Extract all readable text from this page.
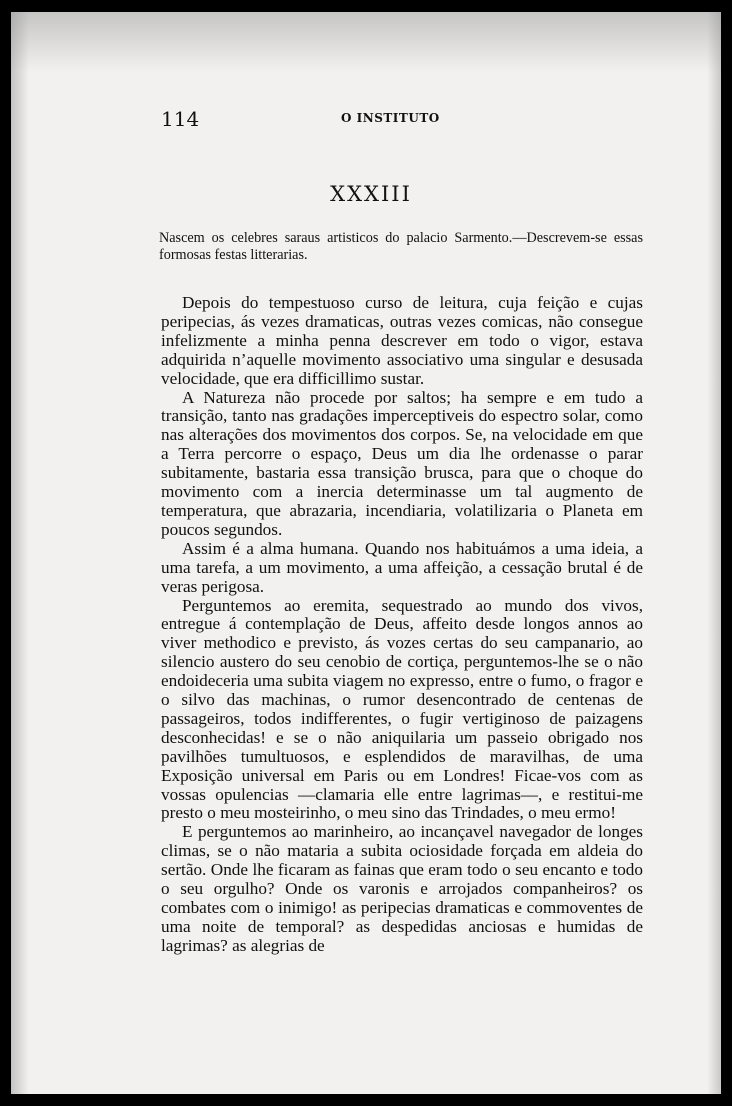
114	O INSTITUTO
XXXIII
Nascem os celebres saraus artisticos do palacio Sarmento.—Descrevem-se essas formosas festas litterarias.

Depois do tempestuoso curso de leitura, cuja feição e cujas peripecias, ás vezes dramaticas, outras vezes comicas, não consegue infelizmente a minha penna descrever em todo o vigor, estava adquirida n’aquelle movimento associativo uma singular e desusada velocidade, que era difficillimo sustar.

A Natureza não procede por saltos; ha sempre e em tudo a transição, tanto nas gradações imperceptiveis do espectro solar, como nas alterações dos movimentos dos corpos. Se, na velocidade em que a Terra percorre o espaço, Deus um dia lhe ordenasse o parar subitamente, bastaria essa transição brusca, para que o choque do movimento com a inercia determinasse um tal augmento de temperatura, que abrazaria, incendiaria, volatilizaria o Planeta em poucos segundos.

Assim é a alma humana. Quando nos habituámos a uma ideia, a uma tarefa, a um movimento, a uma affeição, a cessação brutal é de veras perigosa.

Perguntemos ao eremita, sequestrado ao mundo dos vivos, entregue á contemplação de Deus, affeito desde longos annos ao viver methodico e previsto, ás vozes certas do seu campanario, ao silencio austero do seu cenobio de cortiça, perguntemos-lhe se o não endoideceria uma subita viagem no expresso, entre o fumo, o fragor e o silvo das machinas, o rumor desencontrado de centenas de passageiros, todos indifferentes, o fugir vertiginoso de paizagens desconhecidas! e se o não aniquilaria um passeio obrigado nos pavilhões tumultuosos, e esplendidos de maravilhas, de uma Exposição universal em Paris ou em Londres! Ficae-vos com as vossas opulencias —clamaria elle entre lagrimas—, e restitui-me presto o meu mosteirinho, o meu sino das Trindades, o meu ermo!

E perguntemos ao marinheiro, ao incançavel navegador de longes climas, se o não mataria a subita ociosidade forçada em aldeia do sertão. Onde lhe ficaram as fainas que eram todo o seu encanto e todo o seu orgulho? Onde os varonis e arrojados companheiros? os combates com o inimigo! as peripecias dramaticas e commoventes de uma noite de temporal? as despedidas anciosas e humidas de lagrimas? as alegrias de
